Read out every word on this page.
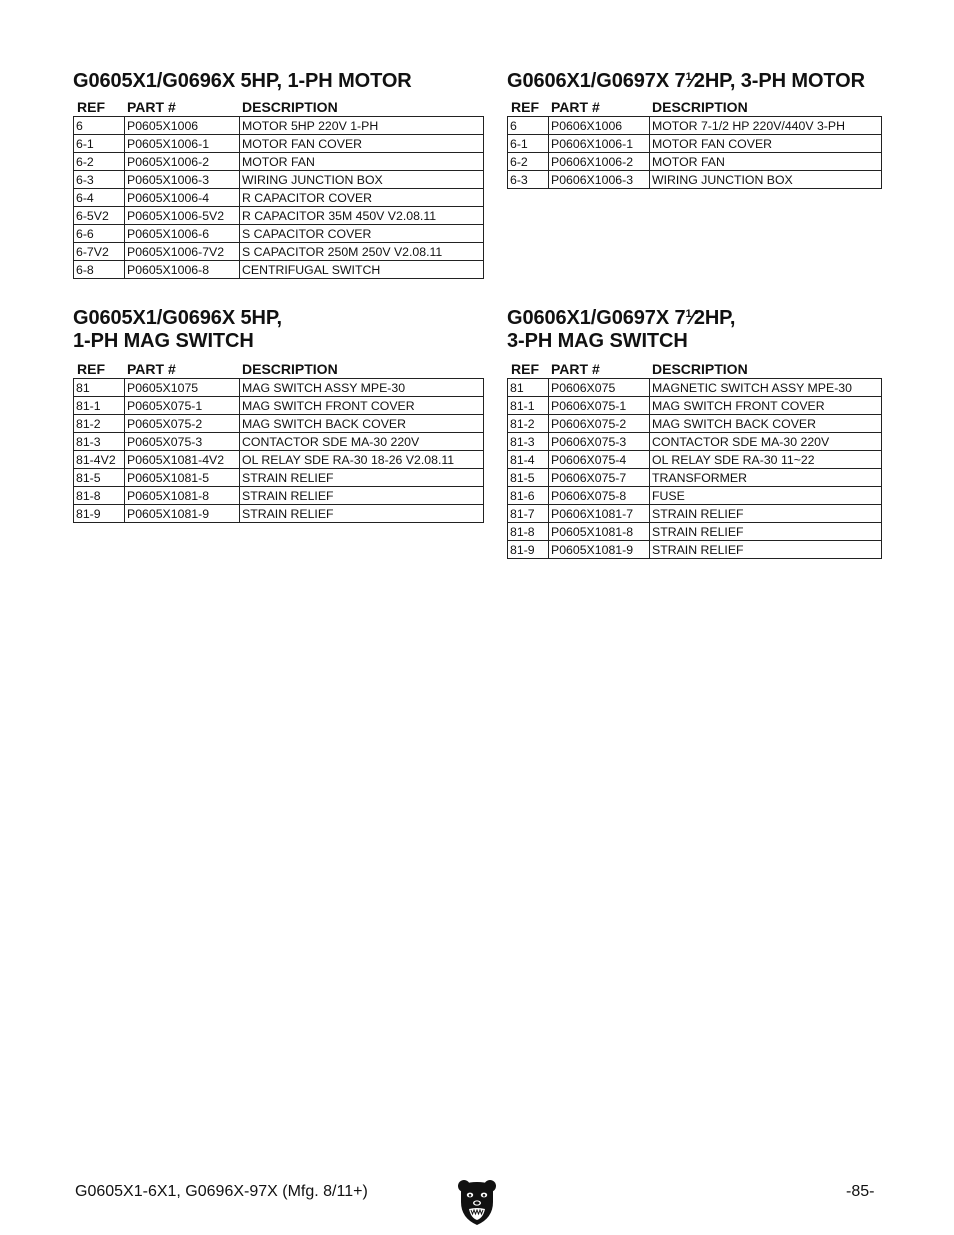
G0605X1/G0696X 5HP, 1-PH MOTOR
REF PART #	DESCRIPTION
6	P0605X1006	MOTOR 5HP 220V 1-PH
6-1	P0605X1006-1	MOTOR FAN COVER
6-2	P0605X1006-2	MOTOR FAN
6-3	P0605X1006-3	WIRING JUNCTION BOX
6-4	P0605X1006-4	R CAPACITOR COVER
6-5V2	P0605X1006-5V2	R CAPACITOR 35M 450V V2.08.11
6-6	P0605X1006-6	S CAPACITOR COVER
6-7V2	P0605X1006-7V2	S CAPACITOR 250M 250V V2.08.11
6-8	P0605X1006-8	CENTRIFUGAL SWITCH
G0606X1/G0697X $7^1⁄2HP$, 3-PH MOTOR
REF PART #	DESCRIPTION
6	P0606X1006	MOTOR 7-1/2 HP 220V/440V 3-PH
6-1	P0606X1006-1	MOTOR FAN COVER
6-2	P0606X1006-2	MOTOR FAN
6-3	P0606X1006-3	WIRING JUNCTION BOX
G0605X1/G0696X 5HP,
1-PH MAG SWITCH
REF PART #	DESCRIPTION
81	P0605X1075	MAG SWITCH ASSY MPE-30
81-1	P0605X075-1	MAG SWITCH FRONT COVER
81-2	P0605X075-2	MAG SWITCH BACK COVER
81-3	P0605X075-3	CONTACTOR SDE MA-30 220V
81-4V2	P0605X1081-4V2	OL RELAY SDE RA-30 18-26 V2.08.11
81-5	P0605X1081-5	STRAIN RELIEF
81-8	P0605X1081-8	STRAIN RELIEF
81-9	P0605X1081-9	STRAIN RELIEF
G0606X1/G0697X $7^1⁄2HP$,
3-PH MAG SWITCH
REF PART #	DESCRIPTION
81	P0606X075	MAGNETIC SWITCH ASSY MPE-30
81-1	P0606X075-1	MAG SWITCH FRONT COVER
81-2	P0606X075-2	MAG SWITCH BACK COVER
81-3	P0606X075-3	CONTACTOR SDE MA-30 220V
81-4	P0606X075-4	OL RELAY SDE RA-30 11~22
81-5	P0606X075-7	TRANSFORMER
81-6	P0606X075-8	FUSE
81-7	P0606X1081-7	STRAIN RELIEF
81-8	P0605X1081-8	STRAIN RELIEF
81-9	P0605X1081-9	STRAIN RELIEF
G0605X1-6X1, G0696X-97X (Mfg. 8/11+)	-85-
